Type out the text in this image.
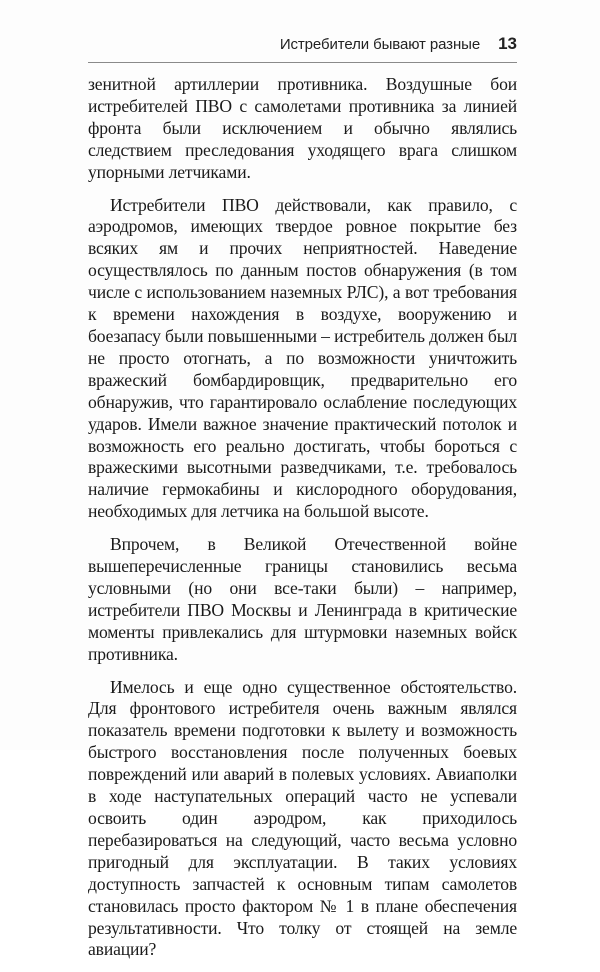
Истребители бывают разные 13

зенитной артиллерии противника. Воздушные бои истребителей ПВО с самолетами противника за линией фронта были исключением и обычно являлись следствием преследования уходящего врага слишком упорными летчиками.

Истребители ПВО действовали, как правило, с аэродромов, имеющих твердое ровное покрытие без всяких ям и прочих неприятностей. Наведение осуществлялось по данным постов обнаружения (в том числе с использованием наземных РЛС), а вот требования к времени нахождения в воздухе, вооружению и боезапасу были повышенными – истребитель должен был не просто отогнать, а по возможности уничтожить вражеский бомбардировщик, предварительно его обнаружив, что гарантировало ослабление последующих ударов. Имели важное значение практический потолок и возможность его реально достигать, чтобы бороться с вражескими высотными разведчиками, т.е. требовалось наличие гермокабины и кислородного оборудования, необходимых для летчика на большой высоте.

Впрочем, в Великой Отечественной войне вышеперечисленные границы становились весьма условными (но они все-таки были) – например, истребители ПВО Москвы и Ленинграда в критические моменты привлекались для штурмовки наземных войск противника.

Имелось и еще одно существенное обстоятельство. Для фронтового истребителя очень важным являлся показатель времени подготовки к вылету и возможность быстрого восстановления после полученных боевых повреждений или аварий в полевых условиях. Авиаполки в ходе наступательных операций часто не успевали освоить один аэродром, как приходилось перебазироваться на следующий, часто весьма условно пригодный для эксплуатации. В таких условиях доступность запчастей к основным типам самолетов становилась просто фактором № 1 в плане обеспечения результативности. Что толку от стоящей на земле авиации?
